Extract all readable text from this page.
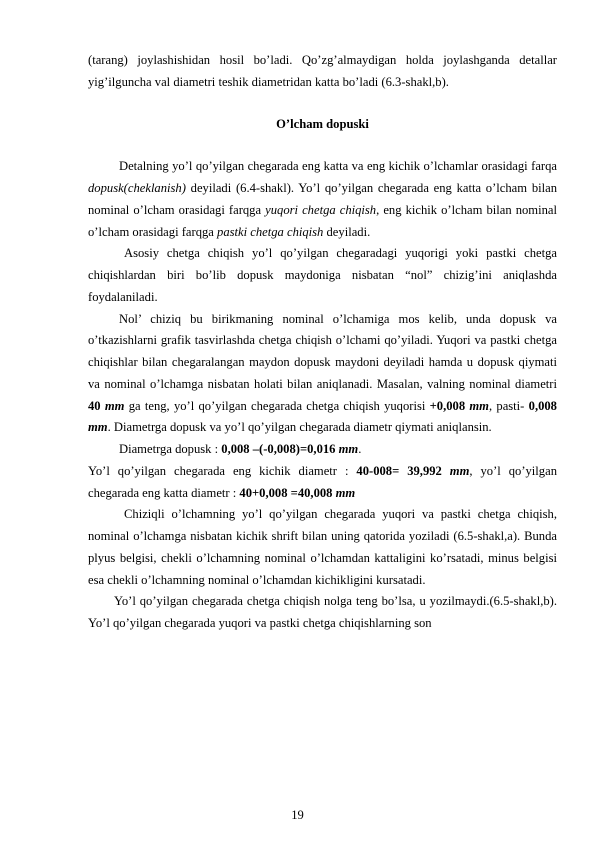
(tarang) joylashishidan hosil bo’ladi. Qo’zg’almaydigan holda joylashganda detallar yig’ilguncha val diametri teshik diametridan katta bo’ladi (6.3-shakl,b).

O’lcham dopuski

Detalning yo’l qo’yilgan chegarada eng katta va eng kichik o’lchamlar orasidagi farqa dopusk(cheklanish) deyiladi (6.4-shakl). Yo’l qo’yilgan chegarada eng katta o’lcham bilan nominal o’lcham orasidagi farqga yuqori chetga chiqish, eng kichik o’lcham bilan nominal o’lcham orasidagi farqga pastki chetga chiqish deyiladi.

Asosiy chetga chiqish yo’l qo’yilgan chegaradagi yuqorigi yoki pastki chetga chiqishlardan biri bo’lib dopusk maydoniga nisbatan “nol” chizig’ini aniqlashda foydalaniladi.

Nol’ chiziq bu birikmaning nominal o’lchamiga mos kelib, unda dopusk va o’tkazishlarni grafik tasvirlashda chetga chiqish o’lchami qo’yiladi. Yuqori va pastki chetga chiqishlar bilan chegaralangan maydon dopusk maydoni deyiladi hamda u dopusk qiymati va nominal o’lchamga nisbatan holati bilan aniqlanadi. Masalan, valning nominal diametri 40 mm ga teng, yo’l qo’yilgan chegarada chetga chiqish yuqorisi +0,008 mm, pasti- 0,008 mm. Diametrga dopusk va yo’l qo’yilgan chegarada diametr qiymati aniqlansin.

Diametrga dopusk : 0,008 –(-0,008)=0,016 mm.

Yo’l qo’yilgan chegarada eng kichik diametr : 40-008= 39,992 mm, yo’l qo’yilgan chegarada eng katta diametr : 40+0,008 =40,008 mm

Chiziqli o’lchamning yo’l qo’yilgan chegarada yuqori va pastki chetga chiqish, nominal o’lchamga nisbatan kichik shrift bilan uning qatorida yoziladi (6.5-shakl,a). Bunda plyus belgisi, chekli o’lchamning nominal o’lchamdan kattaligini ko’rsatadi, minus belgisi esa chekli o’lchamning nominal o’lchamdan kichikligini kursatadi.

Yo’l qo’yilgan chegarada chetga chiqish nolga teng bo’lsa, u yozilmaydi.(6.5-shakl,b). Yo’l qo’yilgan chegarada yuqori va pastki chetga chiqishlarning son

19
